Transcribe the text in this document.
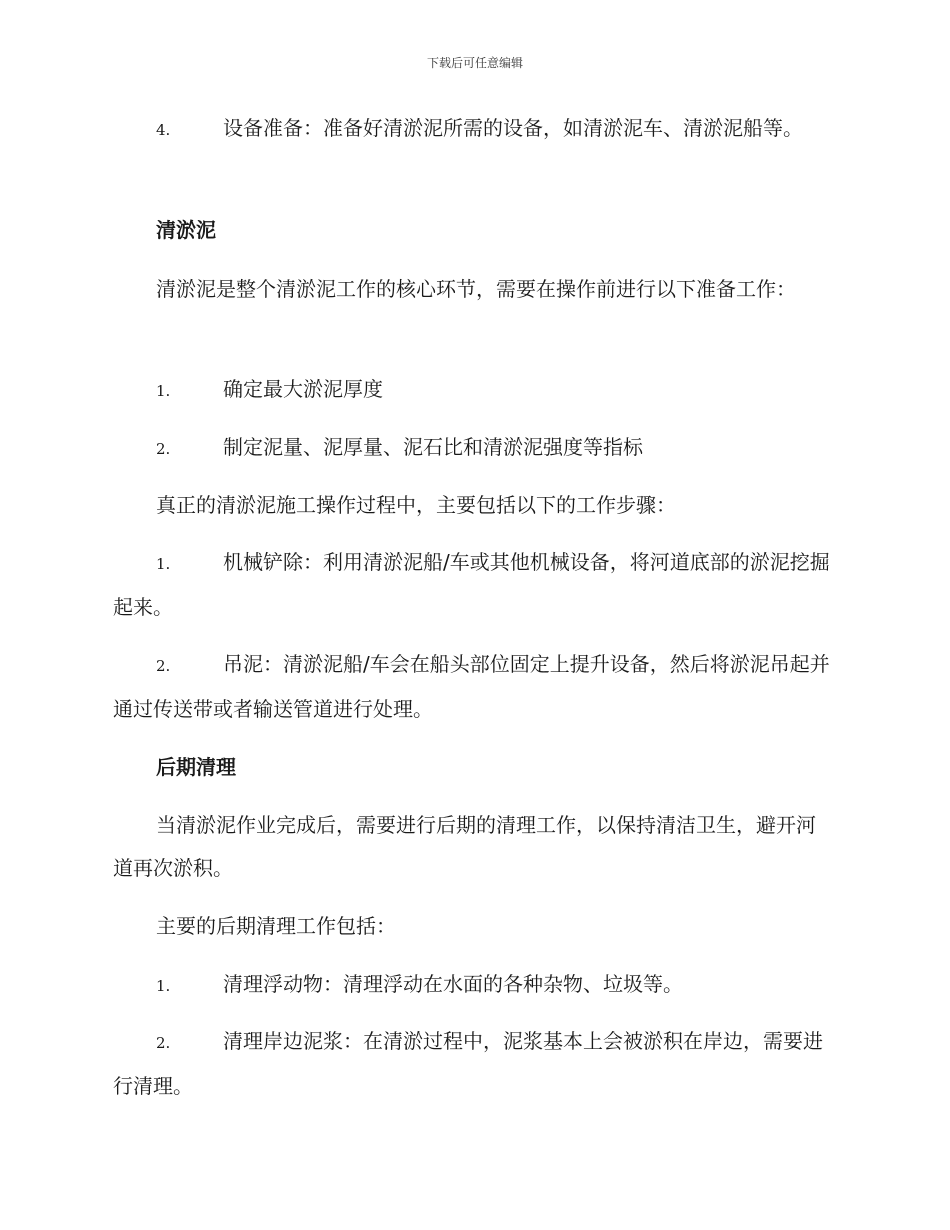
下载后可任意编辑

4.	设备准备：准备好清淤泥所需的设备，如清淤泥车、清淤泥船等。

清淤泥

清淤泥是整个清淤泥工作的核心环节，需要在操作前进行以下准备工作：

1.	确定最大淤泥厚度

2.	制定泥量、泥厚量、泥石比和清淤泥强度等指标

真正的清淤泥施工操作过程中，主要包括以下的工作步骤：

1.	机械铲除：利用清淤泥船/车或其他机械设备，将河道底部的淤泥挖掘起来。

2.	吊泥：清淤泥船/车会在船头部位固定上提升设备，然后将淤泥吊起并通过传送带或者输送管道进行处理。

后期清理

当清淤泥作业完成后，需要进行后期的清理工作，以保持清洁卫生，避开河道再次淤积。

主要的后期清理工作包括：

1.	清理浮动物：清理浮动在水面的各种杂物、垃圾等。

2.	清理岸边泥浆：在清淤过程中，泥浆基本上会被淤积在岸边，需要进行清理。
